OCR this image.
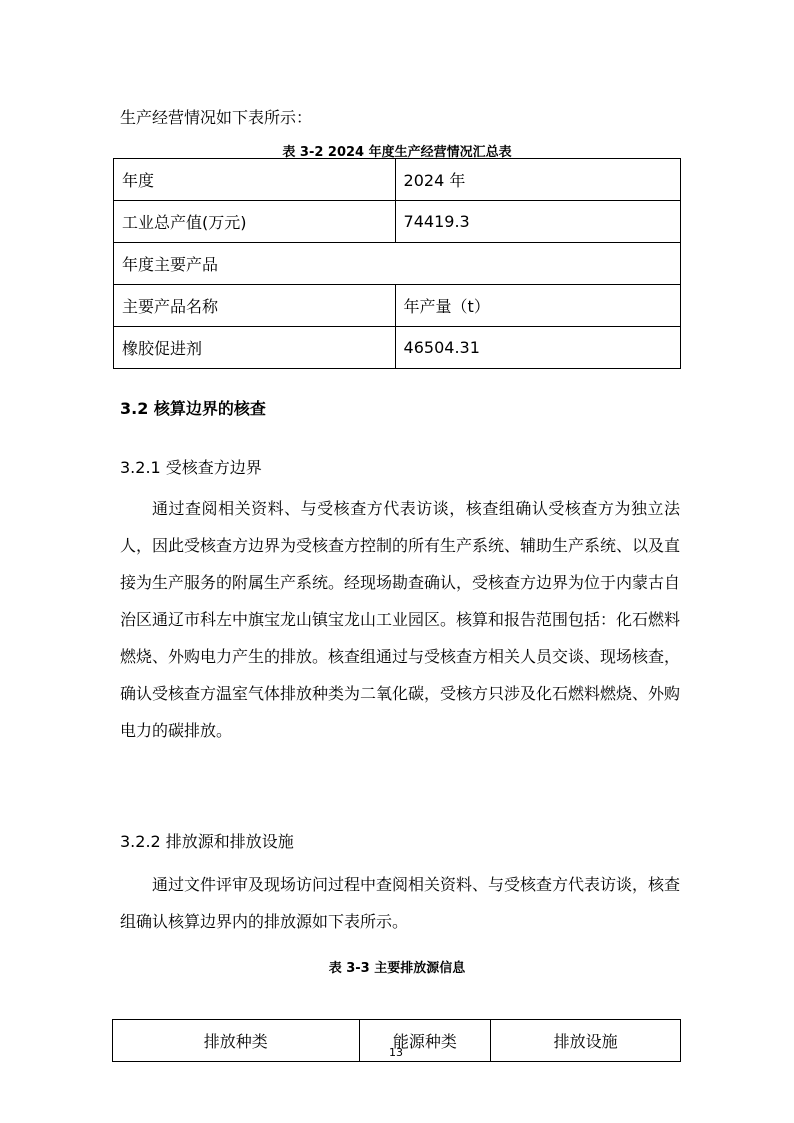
生产经营情况如下表所示：
表 3-2 2024 年度生产经营情况汇总表
年度	2024 年
工业总产值(万元)	74419.3
年度主要产品	
主要产品名称	年产量（t）
橡胶促进剂	46504.31
3.2 核算边界的核查
3.2.1 受核查方边界
通过查阅相关资料、与受核查方代表访谈，核查组确认受核查方为独立法人，因此受核查方边界为受核查方控制的所有生产系统、辅助生产系统、以及直接为生产服务的附属生产系统。经现场勘查确认，受核查方边界为位于内蒙古自治区通辽市科左中旗宝龙山镇宝龙山工业园区。核算和报告范围包括：化石燃料燃烧、外购电力产生的排放。核查组通过与受核查方相关人员交谈、现场核查，确认受核查方温室气体排放种类为二氧化碳，受核方只涉及化石燃料燃烧、外购电力的碳排放。
3.2.2 排放源和排放设施
通过文件评审及现场访问过程中查阅相关资料、与受核查方代表访谈，核查组确认核算边界内的排放源如下表所示。
表 3-3 主要排放源信息
排放种类	能源种类	排放设施
13
